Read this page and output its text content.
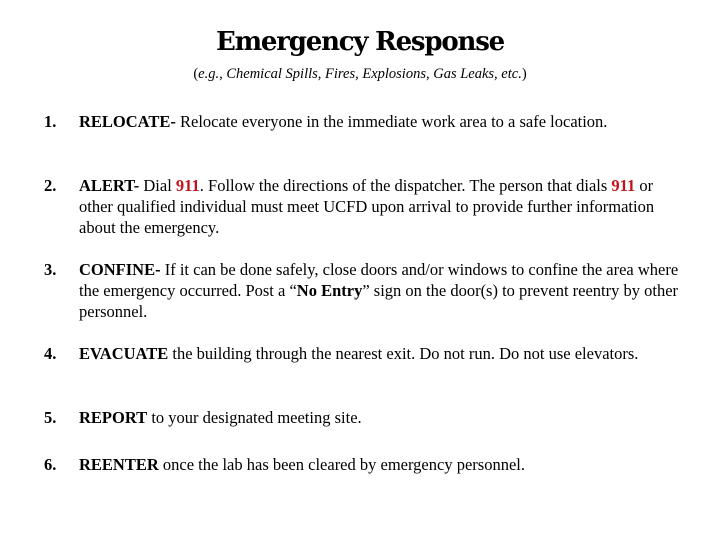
Emergency Response
(e.g., Chemical Spills, Fires, Explosions, Gas Leaks, etc.)
1. RELOCATE- Relocate everyone in the immediate work area to a safe location.
2. ALERT- Dial 911. Follow the directions of the dispatcher. The person that dials 911 or other qualified individual must meet UCFD upon arrival to provide further information about the emergency.
3. CONFINE- If it can be done safely, close doors and/or windows to confine the area where the emergency occurred. Post a “No Entry” sign on the door(s) to prevent reentry by other personnel.
4. EVACUATE the building through the nearest exit. Do not run. Do not use elevators.
5. REPORT to your designated meeting site.
6. REENTER once the lab has been cleared by emergency personnel.
